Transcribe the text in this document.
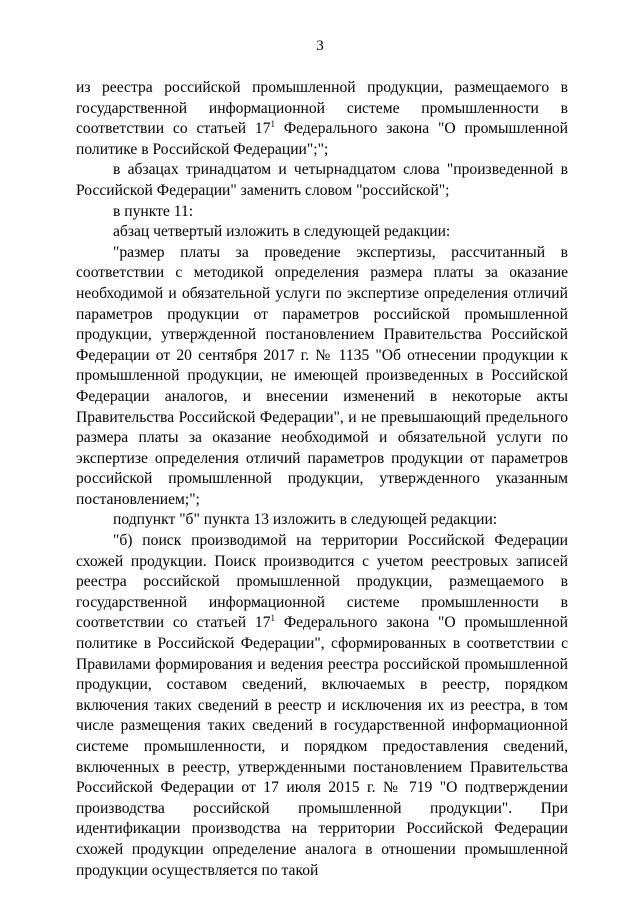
3

из реестра российской промышленной продукции, размещаемого в государственной информационной системе промышленности в соответствии со статьей $17^1$ Федерального закона "О промышленной политике в Российской Федерации";";

в абзацах тринадцатом и четырнадцатом слова "произведенной в Российской Федерации" заменить словом "российской";

в пункте 11:

абзац четвертый изложить в следующей редакции:

"размер платы за проведение экспертизы, рассчитанный в соответствии с методикой определения размера платы за оказание необходимой и обязательной услуги по экспертизе определения отличий параметров продукции от параметров российской промышленной продукции, утвержденной постановлением Правительства Российской Федерации от 20 сентября 2017 г. № 1135 "Об отнесении продукции к промышленной продукции, не имеющей произведенных в Российской Федерации аналогов, и внесении изменений в некоторые акты Правительства Российской Федерации", и не превышающий предельного размера платы за оказание необходимой и обязательной услуги по экспертизе определения отличий параметров продукции от параметров российской промышленной продукции, утвержденного указанным постановлением;";

подпункт "б" пункта 13 изложить в следующей редакции:

"б) поиск производимой на территории Российской Федерации схожей продукции. Поиск производится с учетом реестровых записей реестра российской промышленной продукции, размещаемого в государственной информационной системе промышленности в соответствии со статьей $17^1$ Федерального закона "О промышленной политике в Российской Федерации", сформированных в соответствии с Правилами формирования и ведения реестра российской промышленной продукции, составом сведений, включаемых в реестр, порядком включения таких сведений в реестр и исключения их из реестра, в том числе размещения таких сведений в государственной информационной системе промышленности, и порядком предоставления сведений, включенных в реестр, утвержденными постановлением Правительства Российской Федерации от 17 июля 2015 г. № 719 "О подтверждении производства российской промышленной продукции". При идентификации производства на территории Российской Федерации схожей продукции определение аналога в отношении промышленной продукции осуществляется по такой
